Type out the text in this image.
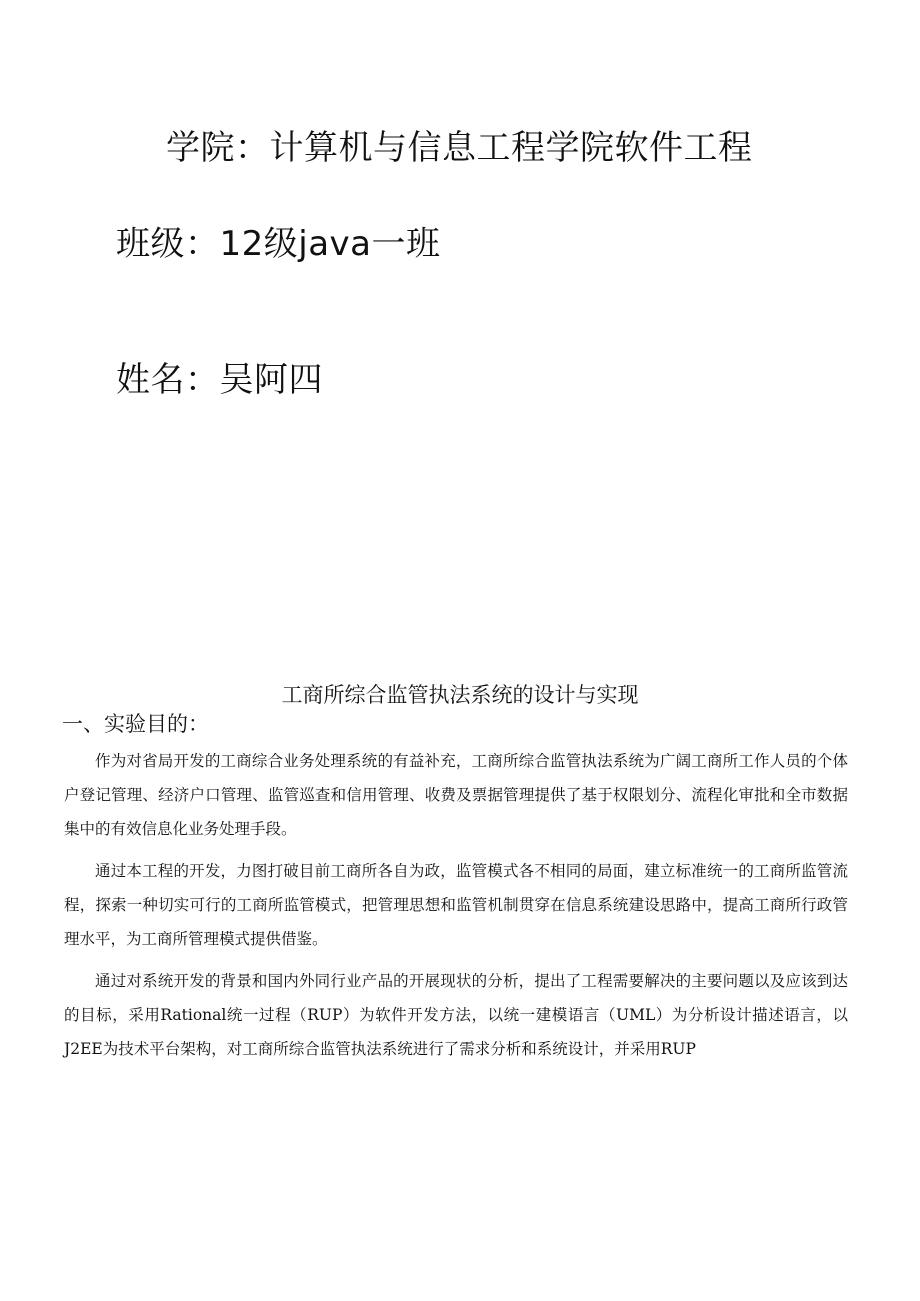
学院：计算机与信息工程学院软件工程
班级：12级java一班
姓名：吴阿四
工商所综合监管执法系统的设计与实现
一、实验目的：

作为对省局开发的工商综合业务处理系统的有益补充，工商所综合监管执法系统为广阔工商所工作人员的个体户登记管理、经济户口管理、监管巡查和信用管理、收费及票据管理提供了基于权限划分、流程化审批和全市数据集中的有效信息化业务处理手段。

通过本工程的开发，力图打破目前工商所各自为政，监管模式各不相同的局面，建立标准统一的工商所监管流程，探索一种切实可行的工商所监管模式，把管理思想和监管机制贯穿在信息系统建设思路中，提高工商所行政管理水平，为工商所管理模式提供借鉴。

通过对系统开发的背景和国内外同行业产品的开展现状的分析，提出了工程需要解决的主要问题以及应该到达的目标，采用Rational统一过程（RUP）为软件开发方法，以统一建模语言（UML）为分析设计描述语言，以J2EE为技术平台架构，对工商所综合监管执法系统进行了需求分析和系统设计，并采用RUP
